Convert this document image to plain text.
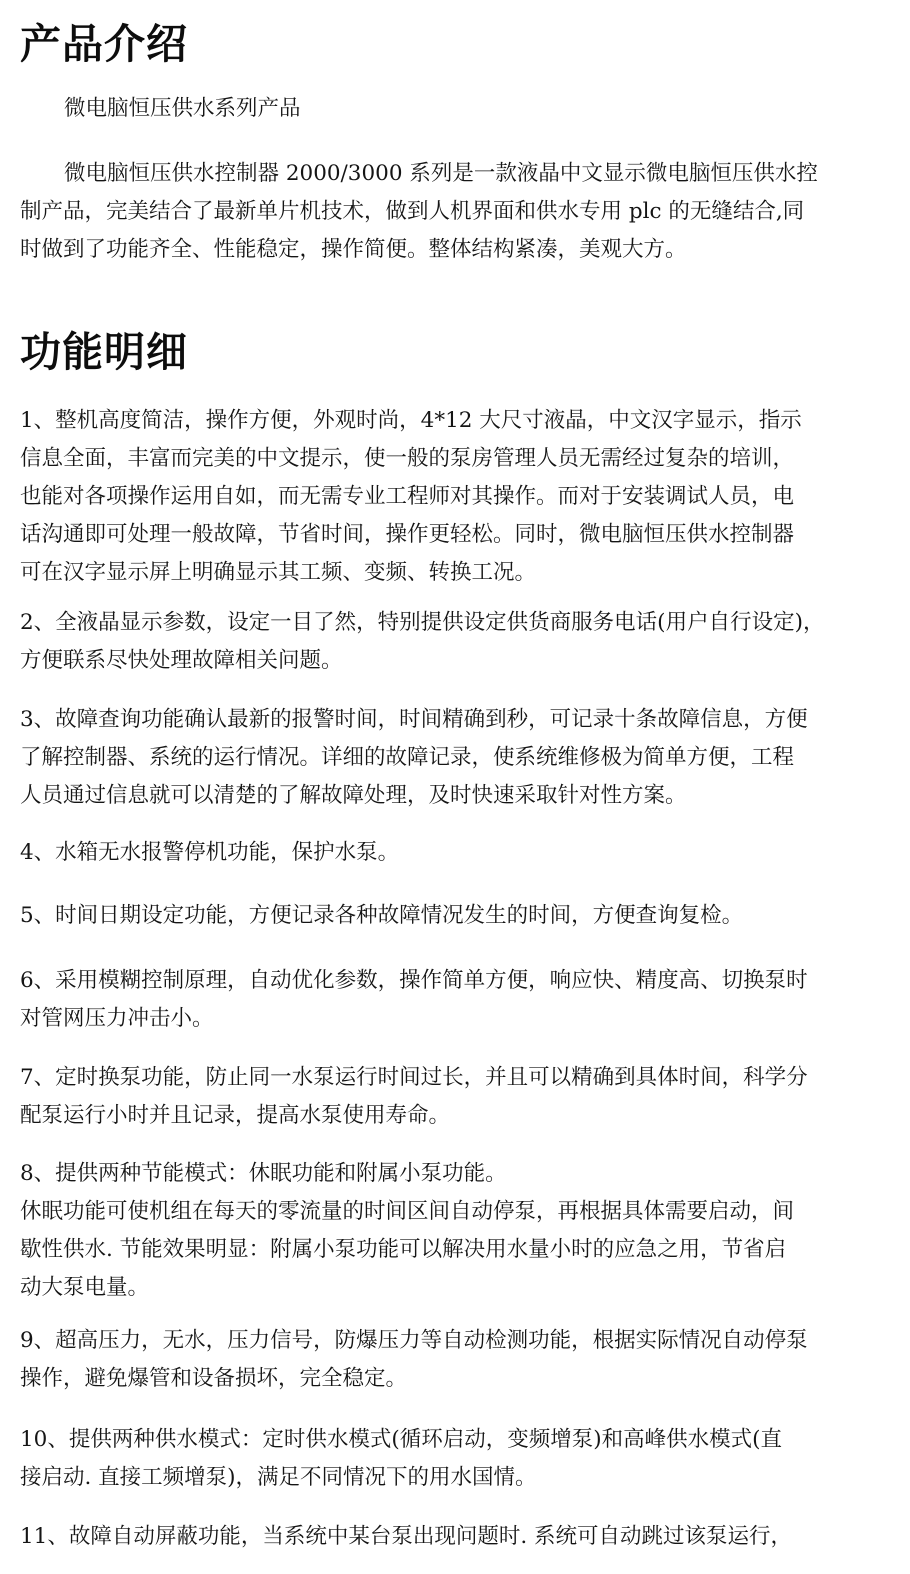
产品介绍

微电脑恒压供水系列产品

微电脑恒压供水控制器 2000/3000 系列是一款液晶中文显示微电脑恒压供水控
制产品，完美结合了最新单片机技术，做到人机界面和供水专用 plc 的无缝结合,同
时做到了功能齐全、性能稳定，操作简便。整体结构紧凑，美观大方。

功能明细

1、整机高度简洁，操作方便，外观时尚，4*12 大尺寸液晶，中文汉字显示，指示
信息全面，丰富而完美的中文提示，使一般的泵房管理人员无需经过复杂的培训，
也能对各项操作运用自如，而无需专业工程师对其操作。而对于安装调试人员，电
话沟通即可处理一般故障，节省时间，操作更轻松。同时，微电脑恒压供水控制器
可在汉字显示屏上明确显示其工频、变频、转换工况。

2、全液晶显示参数，设定一目了然，特别提供设定供货商服务电话(用户自行设定)，
方便联系尽快处理故障相关问题。

3、故障查询功能确认最新的报警时间，时间精确到秒，可记录十条故障信息，方便
了解控制器、系统的运行情况。详细的故障记录，使系统维修极为简单方便，工程
人员通过信息就可以清楚的了解故障处理，及时快速采取针对性方案。

4、水箱无水报警停机功能，保护水泵。

5、时间日期设定功能，方便记录各种故障情况发生的时间，方便查询复检。

6、采用模糊控制原理，自动优化参数，操作简单方便，响应快、精度高、切换泵时
对管网压力冲击小。

7、定时换泵功能，防止同一水泵运行时间过长，并且可以精确到具体时间，科学分
配泵运行小时并且记录，提高水泵使用寿命。

8、提供两种节能模式：休眠功能和附属小泵功能。
休眠功能可使机组在每天的零流量的时间区间自动停泵，再根据具体需要启动，间
歇性供水. 节能效果明显：附属小泵功能可以解决用水量小时的应急之用，节省启
动大泵电量。

9、超高压力，无水，压力信号，防爆压力等自动检测功能，根据实际情况自动停泵
操作，避免爆管和设备损坏，完全稳定。

10、提供两种供水模式：定时供水模式(循环启动，变频增泵)和高峰供水模式(直
接启动. 直接工频增泵)，满足不同情况下的用水国情。

11、故障自动屏蔽功能，当系统中某台泵出现问题时. 系统可自动跳过该泵运行，
